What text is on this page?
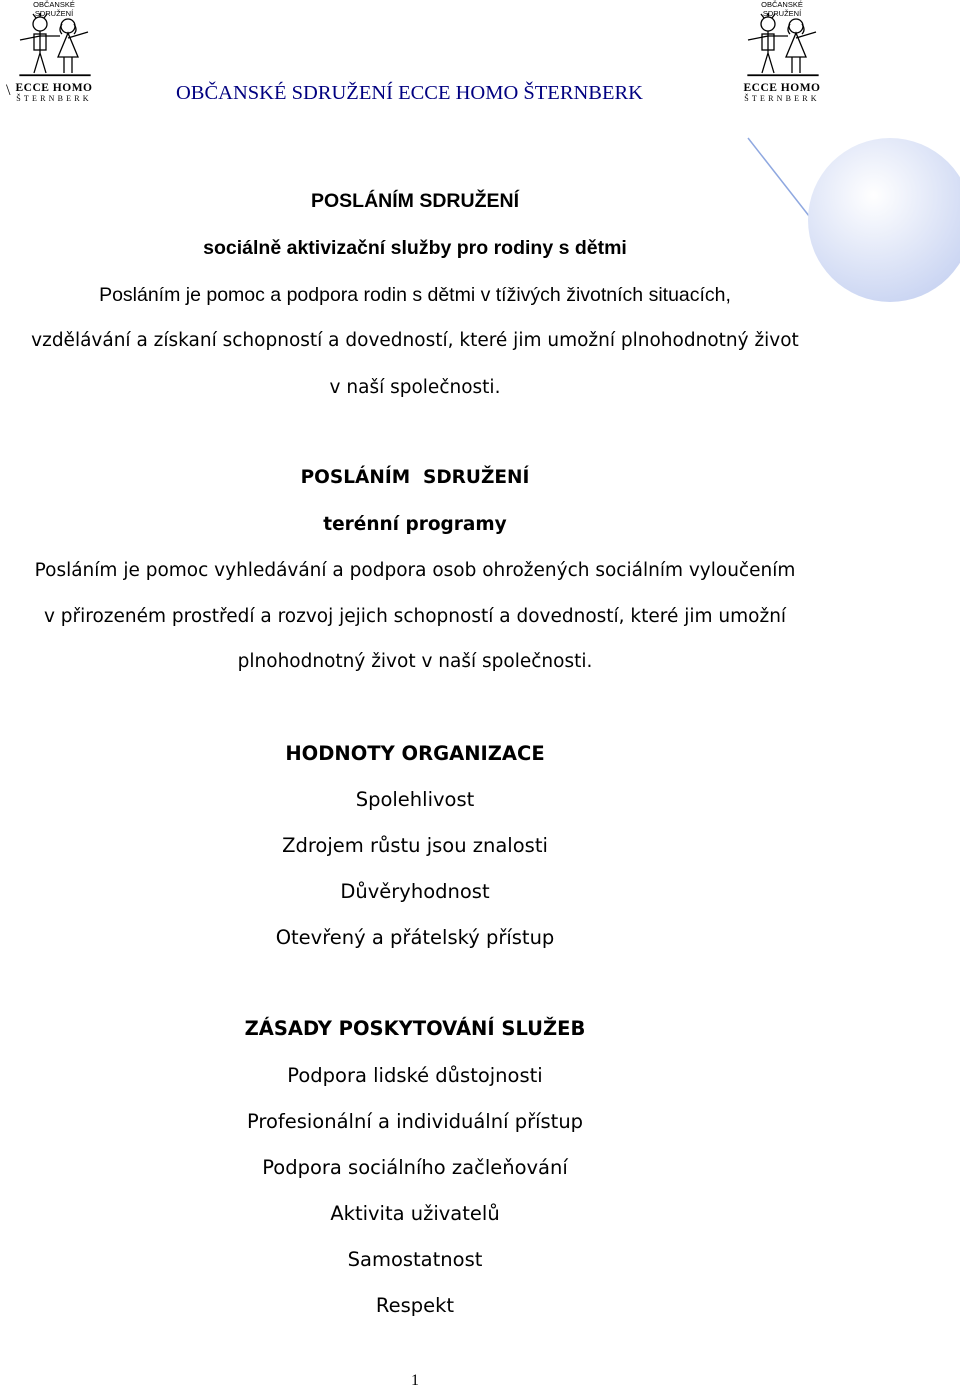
\
OBČANSKÉ SDRUŽENÍ
ECCE HOMO
ŠTERNBERK	OBČANSKÉ SDRUŽENÍ ECCE HOMO ŠTERNBERK
OBČANSKÉ SDRUŽENÍ
ECCE HOMO
ŠTERNBERK
POSLÁNÍM SDRUŽENÍ
sociálně aktivizační služby pro rodiny s dětmi
Posláním je pomoc a podpora rodin s dětmi v tíživých životních situacích,
vzdělávání a získaní schopností a dovedností, které jim umožní plnohodnotný život
v naší společnosti.
POSLÁNÍM  SDRUŽENÍ
terénní programy
Posláním je pomoc vyhledávání a podpora osob ohrožených sociálním vyloučením
v přirozeném prostředí a rozvoj jejich schopností a dovedností, které jim umožní
plnohodnotný život v naší společnosti.
HODNOTY ORGANIZACE
Spolehlivost
Zdrojem růstu jsou znalosti
Důvěryhodnost
Otevřený a přátelský přístup
ZÁSADY POSKYTOVÁNÍ SLUŽEB
Podpora lidské důstojnosti
Profesionální a individuální přístup
Podpora sociálního začleňování
Aktivita uživatelů
Samostatnost
Respekt
1
